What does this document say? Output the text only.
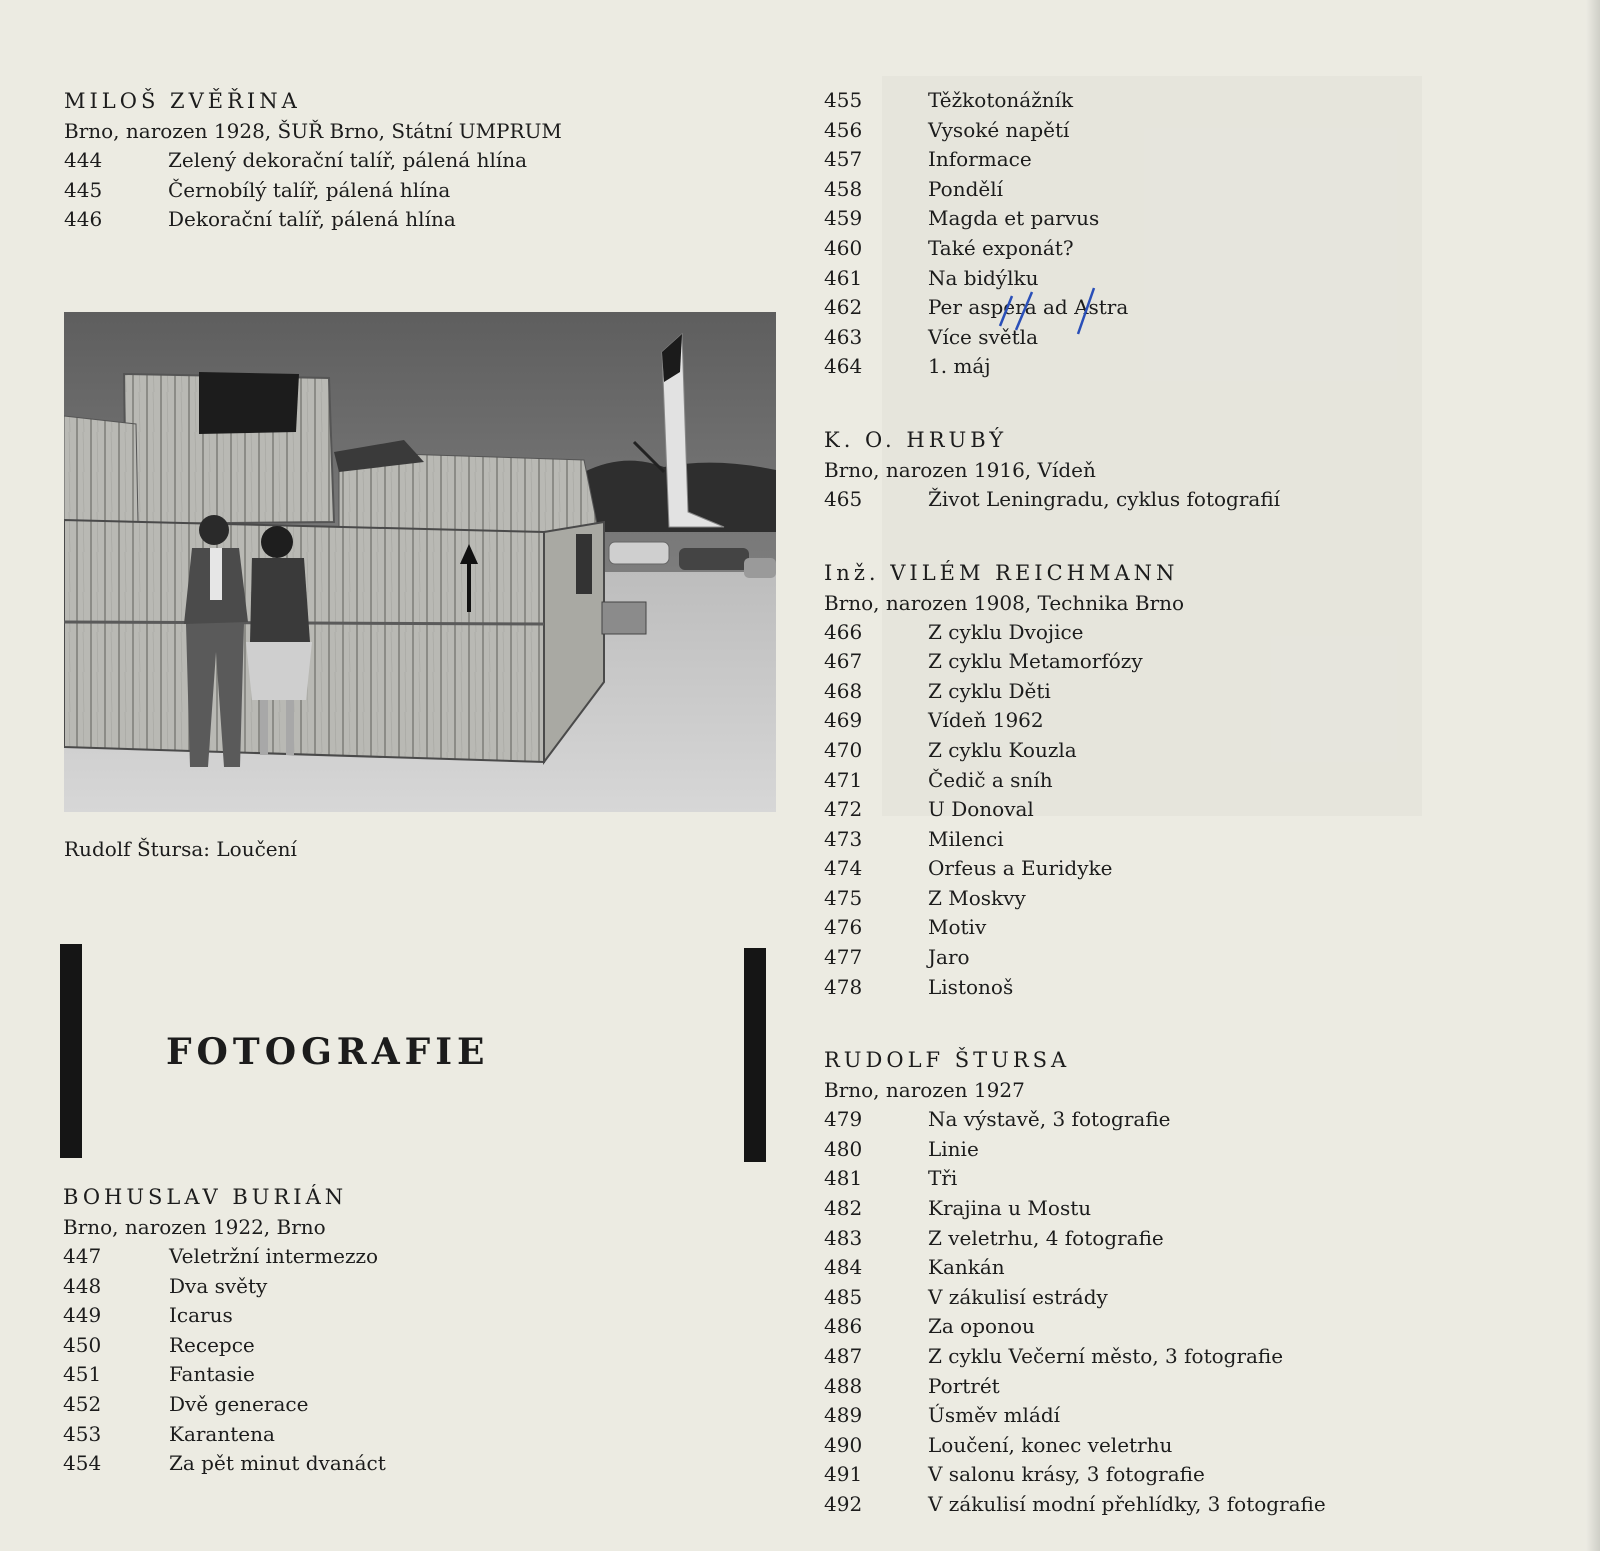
MILOŠ ZVĚŘINA
Brno, narozen 1928, ŠUŘ Brno, Státní UMPRUM
444	Zelený dekorační talíř, pálená hlína
445	Černobílý talíř, pálená hlína
446	Dekorační talíř, pálená hlína
Rudolf Štursa: Loučení
FOTOGRAFIE
BOHUSLAV BURIÁN
Brno, narozen 1922, Brno
447	Veletržní intermezzo
448	Dva světy
449	Icarus
450	Recepce
451	Fantasie
452	Dvě generace
453	Karantena
454	Za pět minut dvanáct
455	Těžkotonážník
456	Vysoké napětí
457	Informace
458	Pondělí
459	Magda et parvus
460	Také exponát?
461	Na bidýlku
462	Per aspera ad Astra
463	Více světla
464	1. máj
K. O. HRUBÝ
Brno, narozen 1916, Vídeň
465	Život Leningradu, cyklus fotografií
Inž. VILÉM REICHMANN
Brno, narozen 1908, Technika Brno
466	Z cyklu Dvojice
467	Z cyklu Metamorfózy
468	Z cyklu Děti
469	Vídeň 1962
470	Z cyklu Kouzla
471	Čedič a sníh
472	U Donoval
473	Milenci
474	Orfeus a Euridyke
475	Z Moskvy
476	Motiv
477	Jaro
478	Listonoš
RUDOLF ŠTURSA
Brno, narozen 1927
479	Na výstavě, 3 fotografie
480	Linie
481	Tři
482	Krajina u Mostu
483	Z veletrhu, 4 fotografie
484	Kankán
485	V zákulisí estrády
486	Za oponou
487	Z cyklu Večerní město, 3 fotografie
488	Portrét
489	Úsměv mládí
490	Loučení, konec veletrhu
491	V salonu krásy, 3 fotografie
492	V zákulisí modní přehlídky, 3 fotografie
